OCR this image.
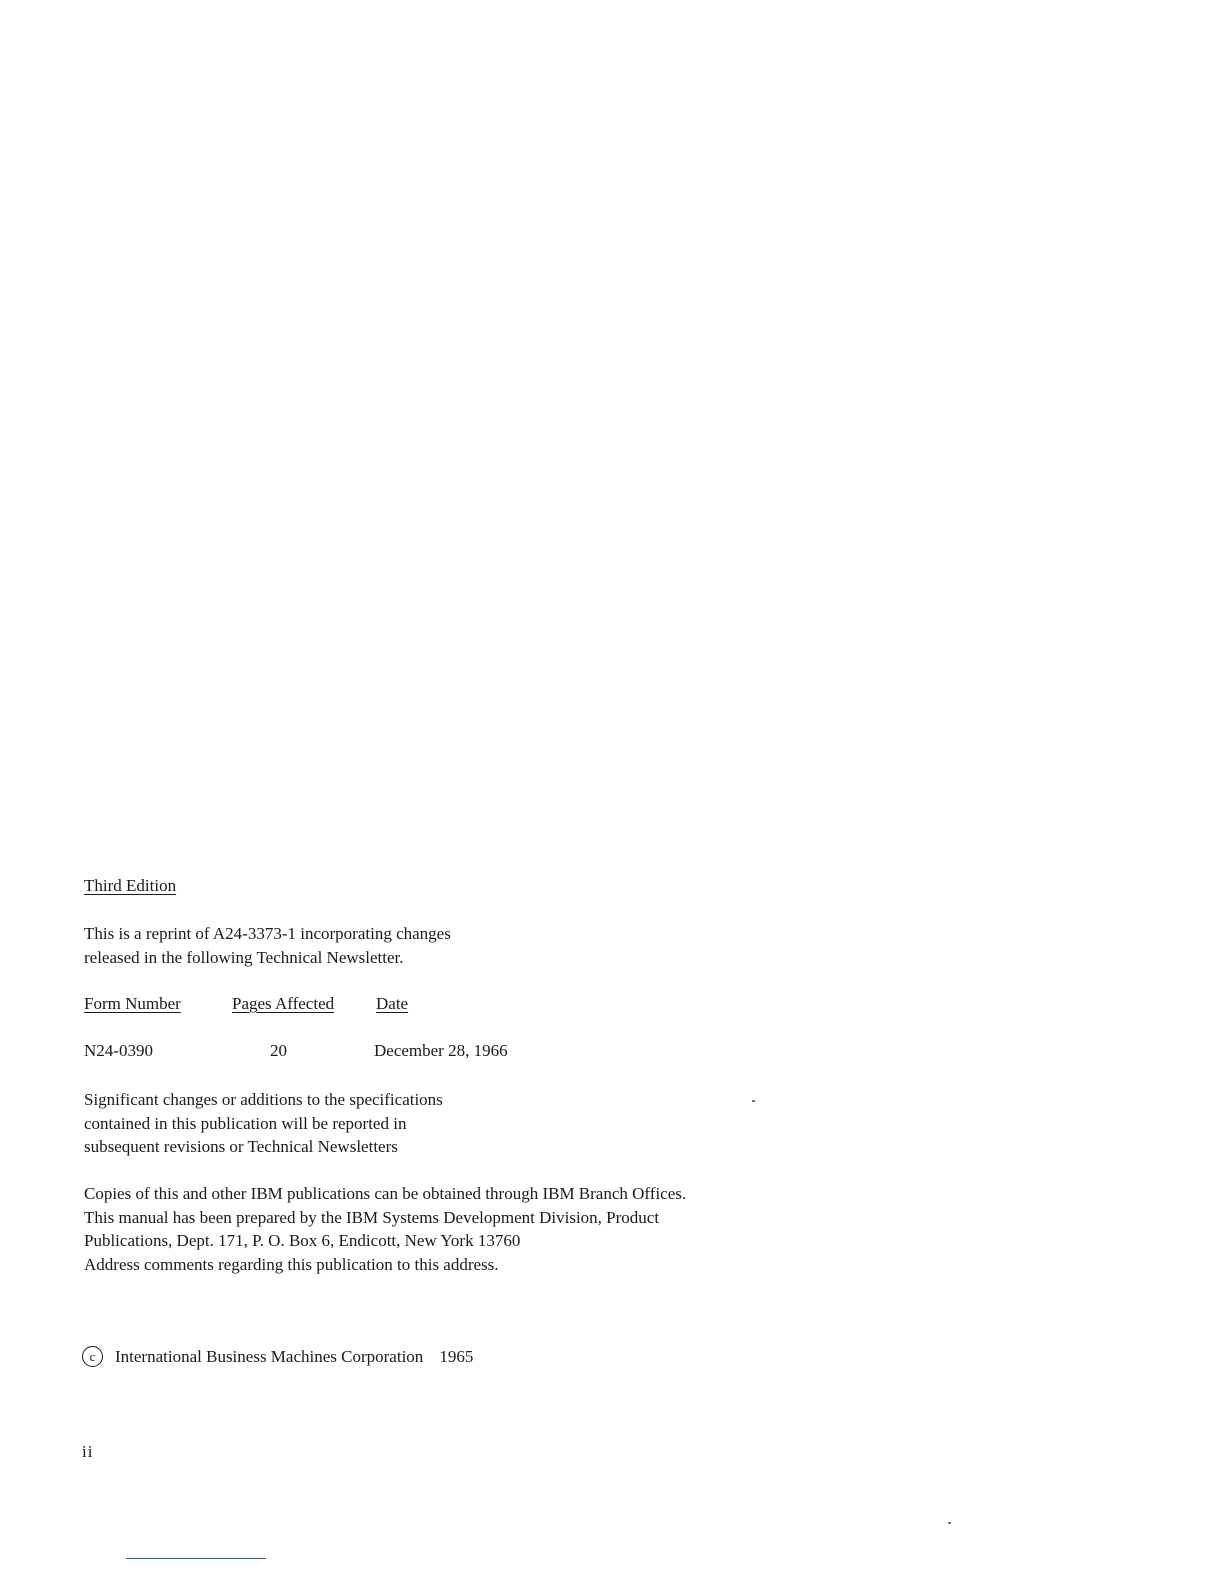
Third Edition
This is a reprint of A24-3373-1 incorporating changes
released in the following Technical Newsletter.
Form Number	Pages Affected Date
N24-0390	20	December 28, 1966
Significant changes or additions to the specifications
contained in this publication will be reported in
subsequent revisions or Technical Newsletters
Copies of this and other IBM publications can be obtained through IBM Branch Offices.
This manual has been prepared by the IBM Systems Development Division, Product
Publications, Dept. 171, P. O. Box 6, Endicott, New York 13760
Address comments regarding this publication to this address.
c	International Business Machines Corporation 1965
ii
